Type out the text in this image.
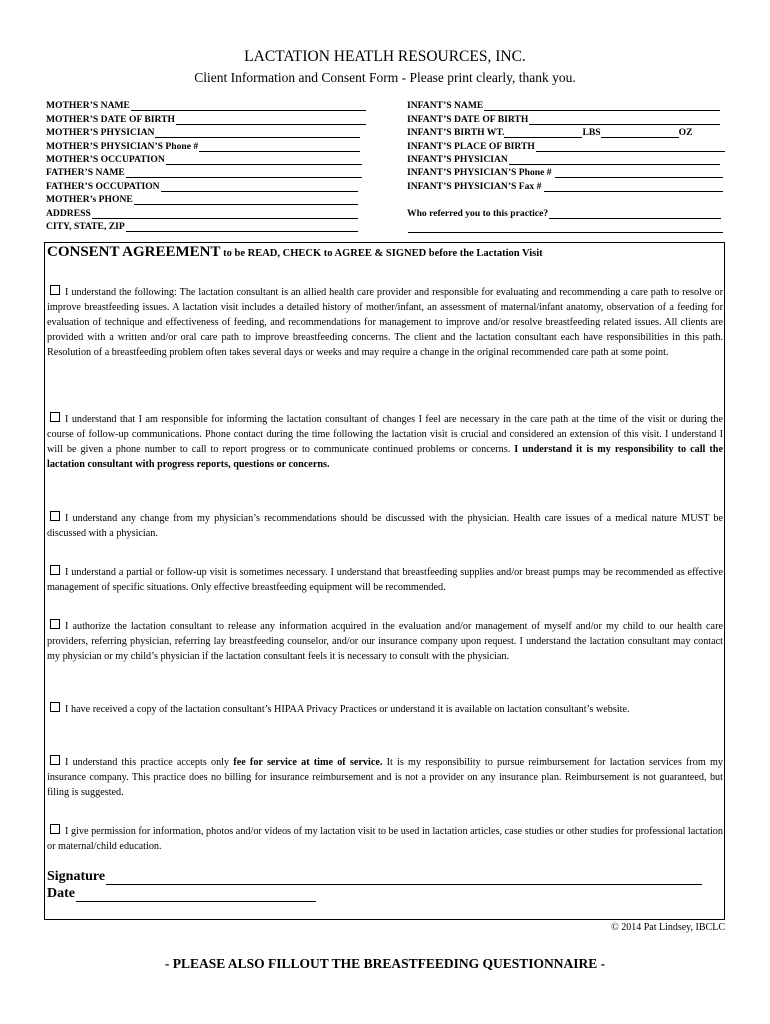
LACTATION HEATLH RESOURCES, INC.
Client Information and Consent Form - Please print clearly, thank you.
MOTHER’S NAME
MOTHER’S DATE OF BIRTH
MOTHER’S PHYSICIAN
MOTHER’S PHYSICIAN’S Phone #
MOTHER’S OCCUPATION
FATHER’S NAME
FATHER’S OCCUPATION
MOTHER’s PHONE
ADDRESS
CITY, STATE, ZIP
INFANT’S NAME
INFANT’S DATE OF BIRTH
INFANT’S BIRTH WT.	LBS	OZ
INFANT’S PLACE OF BIRTH
INFANT’S PHYSICIAN
INFANT’S PHYSICIAN’S Phone #
INFANT’S PHYSICIAN’S Fax #
Who referred you to this practice?
CONSENT AGREEMENT to be READ, CHECK to AGREE & SIGNED before the Lactation Visit
I understand the following: The lactation consultant is an allied health care provider and responsible for evaluating and recommending a care path to resolve or improve breastfeeding issues. A lactation visit includes a detailed history of mother/infant, an assessment of maternal/infant anatomy, observation of a feeding for evaluation of technique and effectiveness of feeding, and recommendations for management to improve and/or resolve breastfeeding related issues. All clients are provided with a written and/or oral care path to improve breastfeeding concerns. The client and the lactation consultant each have responsibilities in this path. Resolution of a breastfeeding problem often takes several days or weeks and may require a change in the original recommended care path at some point.
I understand that I am responsible for informing the lactation consultant of changes I feel are necessary in the care path at the time of the visit or during the course of follow-up communications. Phone contact during the time following the lactation visit is crucial and considered an extension of this visit. I understand I will be given a phone number to call to report progress or to communicate continued problems or concerns. I understand it is my responsibility to call the lactation consultant with progress reports, questions or concerns.
I understand any change from my physician’s recommendations should be discussed with the physician. Health care issues of a medical nature MUST be discussed with a physician.
I understand a partial or follow-up visit is sometimes necessary. I understand that breastfeeding supplies and/or breast pumps may be recommended as effective management of specific situations. Only effective breastfeeding equipment will be recommended.
I authorize the lactation consultant to release any information acquired in the evaluation and/or management of myself and/or my child to our health care providers, referring physician, referring lay breastfeeding counselor, and/or our insurance company upon request. I understand the lactation consultant may contact my physician or my child’s physician if the lactation consultant feels it is necessary to consult with the physician.
I have received a copy of the lactation consultant’s HIPAA Privacy Practices or understand it is available on lactation consultant’s website.
I understand this practice accepts only fee for service at time of service. It is my responsibility to pursue reimbursement for lactation services from my insurance company. This practice does no billing for insurance reimbursement and is not a provider on any insurance plan. Reimbursement is not guaranteed, but filing is suggested.
I give permission for information, photos and/or videos of my lactation visit to be used in lactation articles, case studies or other studies for professional lactation or maternal/child education.
Signature
Date
© 2014 Pat Lindsey, IBCLC
- PLEASE ALSO FILLOUT THE BREASTFEEDING QUESTIONNAIRE -
